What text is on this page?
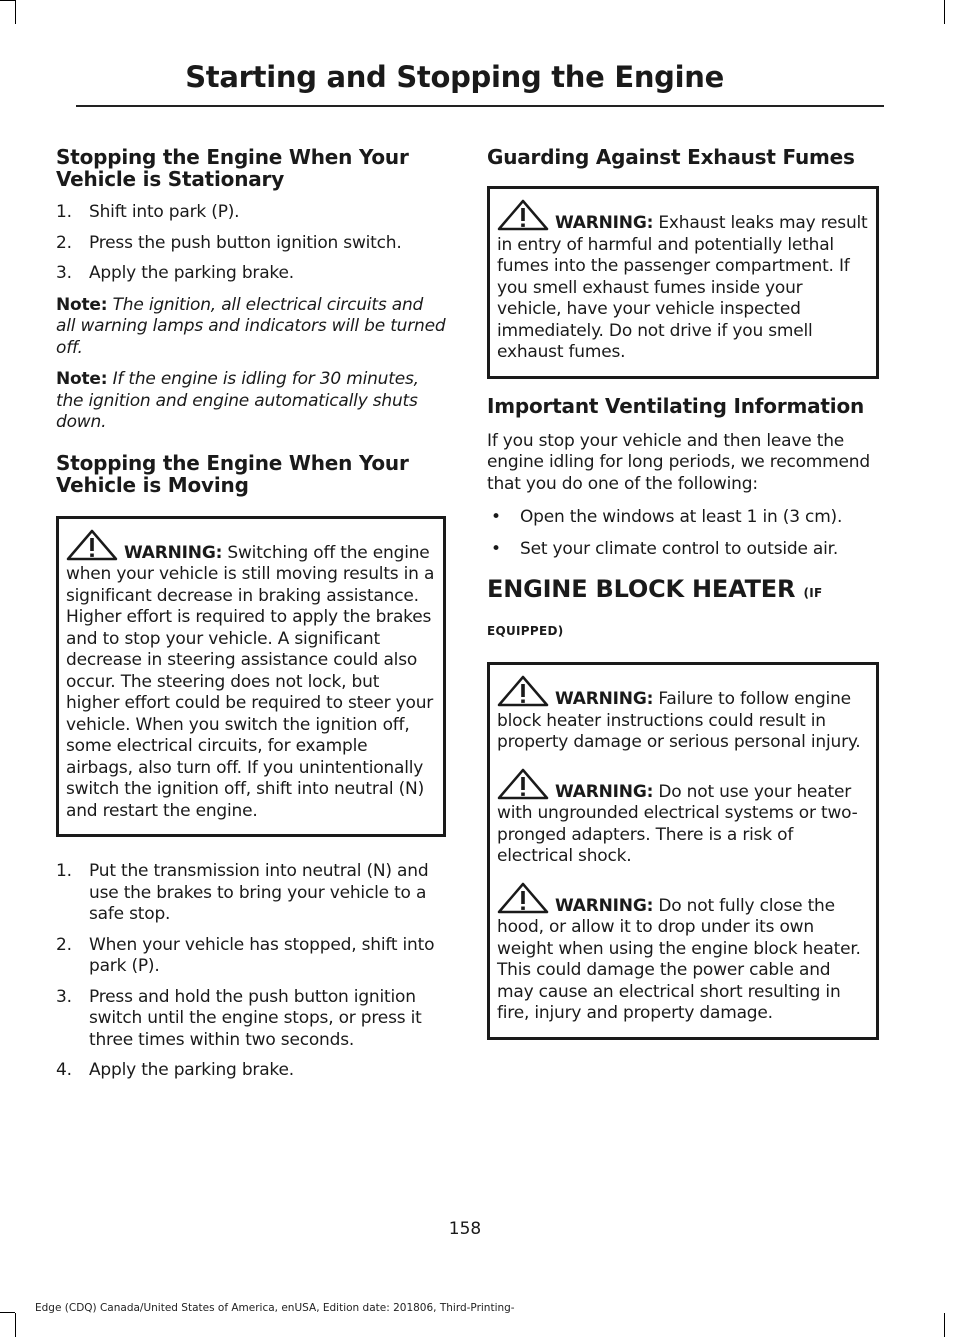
Starting and Stopping the Engine
Stopping the Engine When Your Vehicle is Stationary
1. Shift into park (P).
2. Press the push button ignition switch.
3. Apply the parking brake.

Note: The ignition, all electrical circuits and all warning lamps and indicators will be turned off.

Note: If the engine is idling for 30 minutes, the ignition and engine automatically shuts down.

Stopping the Engine When Your Vehicle is Moving
WARNING: Switching off the engine when your vehicle is still moving results in a significant decrease in braking assistance. Higher effort is required to apply the brakes and to stop your vehicle. A significant decrease in steering assistance could also occur. The steering does not lock, but higher effort could be required to steer your vehicle. When you switch the ignition off, some electrical circuits, for example airbags, also turn off. If you unintentionally switch the ignition off, shift into neutral (N) and restart the engine.
1. Put the transmission into neutral (N) and use the brakes to bring your vehicle to a safe stop.
2. When your vehicle has stopped, shift into park (P).
3. Press and hold the push button ignition switch until the engine stops, or press it three times within two seconds.
4. Apply the parking brake.
Guarding Against Exhaust Fumes
WARNING: Exhaust leaks may result in entry of harmful and potentially lethal fumes into the passenger compartment. If you smell exhaust fumes inside your vehicle, have your vehicle inspected immediately. Do not drive if you smell exhaust fumes.
Important Ventilating Information

If you stop your vehicle and then leave the engine idling for long periods, we recommend that you do one of the following:

• Open the windows at least 1 in (3 cm).
• Set your climate control to outside air.
ENGINE BLOCK HEATER (IF EQUIPPED)
WARNING: Failure to follow engine block heater instructions could result in property damage or serious personal injury.
WARNING: Do not use your heater with ungrounded electrical systems or two-pronged adapters. There is a risk of electrical shock.
WARNING: Do not fully close the hood, or allow it to drop under its own weight when using the engine block heater. This could damage the power cable and may cause an electrical short resulting in fire, injury and property damage.
158
Edge (CDQ) Canada/United States of America, enUSA, Edition date: 201806, Third-Printing-
